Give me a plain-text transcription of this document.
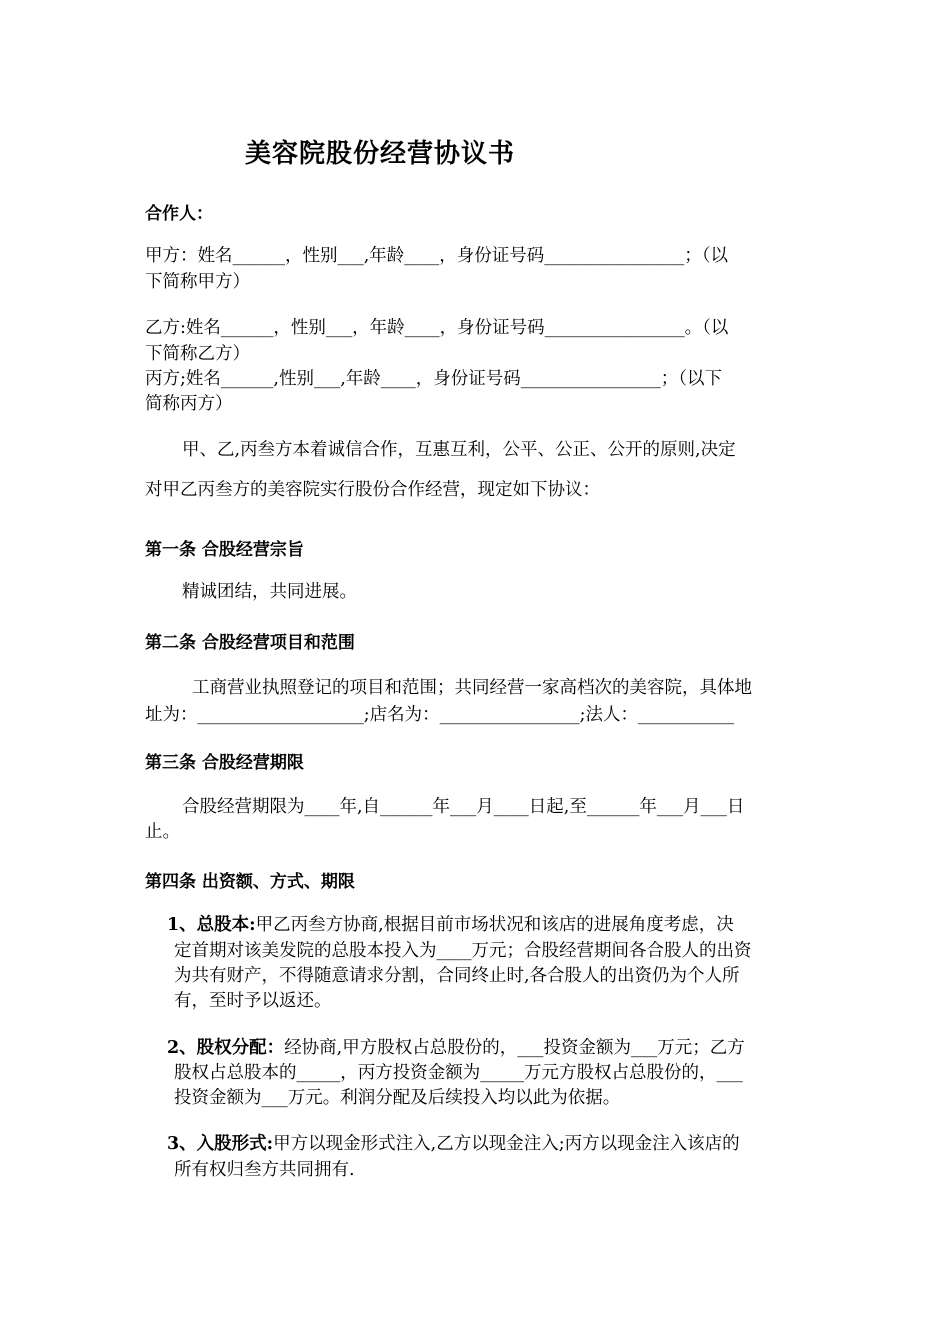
美容院股份经营协议书
合作人：
甲方：姓名______，性别___,年龄____，身份证号码________________；（以
下简称甲方）
乙方:姓名______，性别___，年龄____，身份证号码________________。（以
下简称乙方）
丙方;姓名______,性别___,年龄____，身份证号码________________；（以下
简称丙方）
甲、乙,丙叁方本着诚信合作，互惠互利，公平、公正、公开的原则,决定
对甲乙丙叁方的美容院实行股份合作经营，现定如下协议：
第一条 合股经营宗旨
精诚团结，共同进展。
第二条 合股经营项目和范围
工商营业执照登记的项目和范围；共同经营一家高档次的美容院，具体地
址为：___________________;店名为：________________;法人：___________
第三条 合股经营期限
合股经营期限为____年,自______年___月____日起,至______年___月___日
止。
第四条 出资额、方式、期限
1、总股本:甲乙丙叁方协商,根据目前市场状况和该店的进展角度考虑，决
定首期对该美发院的总股本投入为____万元；合股经营期间各合股人的出资
为共有财产，不得随意请求分割，合同终止时,各合股人的出资仍为个人所
有，至时予以返还。
2、股权分配：经协商,甲方股权占总股份的，___投资金额为___万元；乙方
股权占总股本的_____，丙方投资金额为_____万元方股权占总股份的，___
投资金额为___万元。利润分配及后续投入均以此为依据。
3、入股形式:甲方以现金形式注入,乙方以现金注入;丙方以现金注入该店的
所有权归叁方共同拥有.
